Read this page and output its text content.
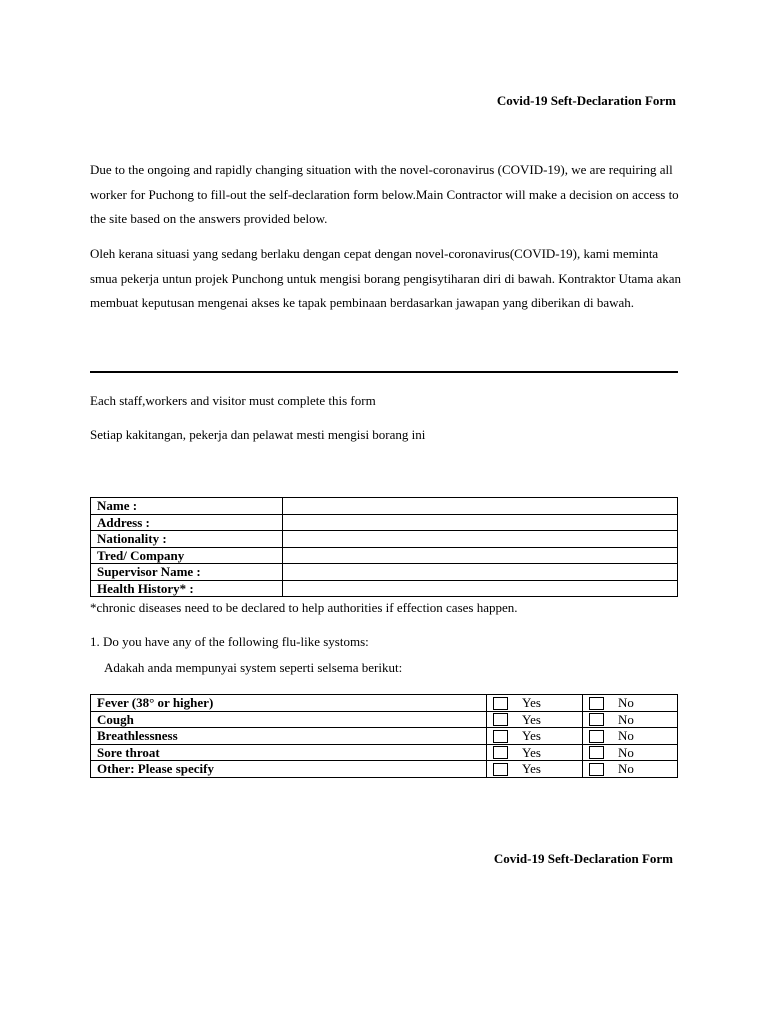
Covid-19 Seft-Declaration Form
Due to the ongoing and rapidly changing situation with the novel-coronavirus (COVID-19), we are requiring all worker for Puchong to fill-out the self-declaration form below.Main Contractor will make a decision on access to the site based on the answers provided below.
Oleh kerana situasi yang sedang berlaku dengan cepat dengan novel-coronavirus(COVID-19), kami meminta smua pekerja untun projek Punchong untuk mengisi borang pengisytiharan diri di bawah. Kontraktor Utama akan membuat keputusan mengenai akses ke tapak pembinaan berdasarkan jawapan yang diberikan di bawah.
Each staff,workers and visitor must complete this form
Setiap kakitangan, pekerja dan pelawat mesti mengisi borang ini
Name :	
Address :	
Nationality :	
Tred/ Company	
Supervisor Name :	
Health History* :	
*chronic diseases need to be declared to help authorities if effection cases happen.
1. Do you have any of the following flu-like systoms:
Adakah anda mempunyai system seperti selsema berikut:
Fever (38° or higher)	Yes	No
Cough	Yes	No
Breathlessness	Yes	No
Sore throat	Yes	No
Other: Please specify	Yes	No
Covid-19 Seft-Declaration Form
